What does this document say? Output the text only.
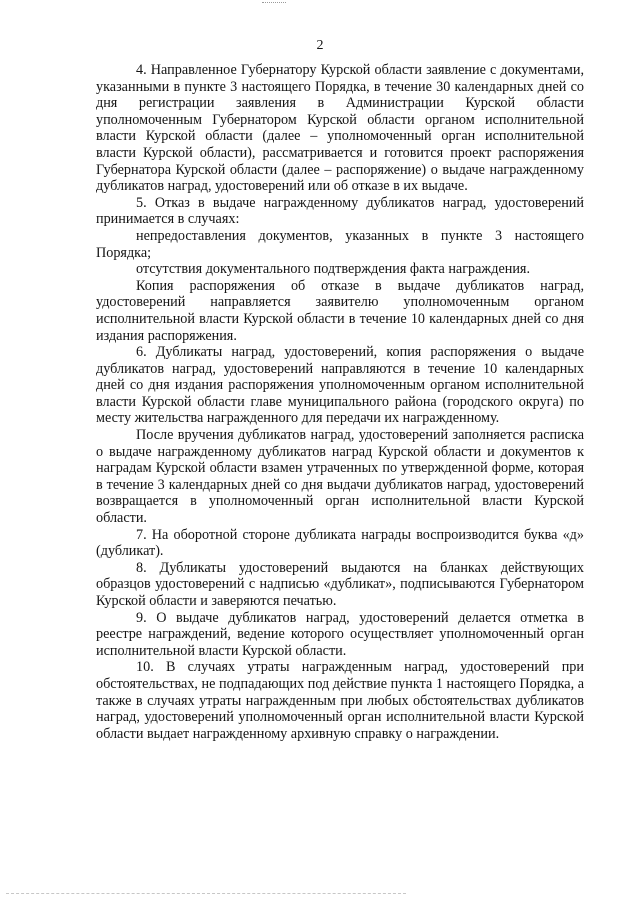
2

4. Направленное Губернатору Курской области заявление с документами, указанными в пункте 3 настоящего Порядка, в течение 30 календарных дней со дня регистрации заявления в Администрации Курской области уполномоченным Губернатором Курской области органом исполнительной власти Курской области (далее – уполномоченный орган исполнительной власти Курской области), рассматривается и готовится проект распоряжения Губернатора Курской области (далее – распоряжение) о выдаче награжденному дубликатов наград, удостоверений или об отказе в их выдаче.

5. Отказ в выдаче награжденному дубликатов наград, удостоверений принимается в случаях:

непредоставления документов, указанных в пункте 3 настоящего Порядка;

отсутствия документального подтверждения факта награждения.

Копия распоряжения об отказе в выдаче дубликатов наград, удостоверений направляется заявителю уполномоченным органом исполнительной власти Курской области в течение 10 календарных дней со дня издания распоряжения.

6. Дубликаты наград, удостоверений, копия распоряжения о выдаче дубликатов наград, удостоверений направляются в течение 10 календарных дней со дня издания распоряжения уполномоченным органом исполнительной власти Курской области главе муниципального района (городского округа) по месту жительства награжденного для передачи их награжденному.

После вручения дубликатов наград, удостоверений заполняется расписка о выдаче награжденному дубликатов наград Курской области и документов к наградам Курской области взамен утраченных по утвержденной форме, которая в течение 3 календарных дней со дня выдачи дубликатов наград, удостоверений возвращается в уполномоченный орган исполнительной власти Курской области.

7. На оборотной стороне дубликата награды воспроизводится буква «д» (дубликат).

8. Дубликаты удостоверений выдаются на бланках действующих образцов удостоверений с надписью «дубликат», подписываются Губернатором Курской области и заверяются печатью.

9. О выдаче дубликатов наград, удостоверений делается отметка в реестре награждений, ведение которого осуществляет уполномоченный орган исполнительной власти Курской области.

10. В случаях утраты награжденным наград, удостоверений при обстоятельствах, не подпадающих под действие пункта 1 настоящего Порядка, а также в случаях утраты награжденным при любых обстоятельствах дубликатов наград, удостоверений уполномоченный орган исполнительной власти Курской области выдает награжденному архивную справку о награждении.
